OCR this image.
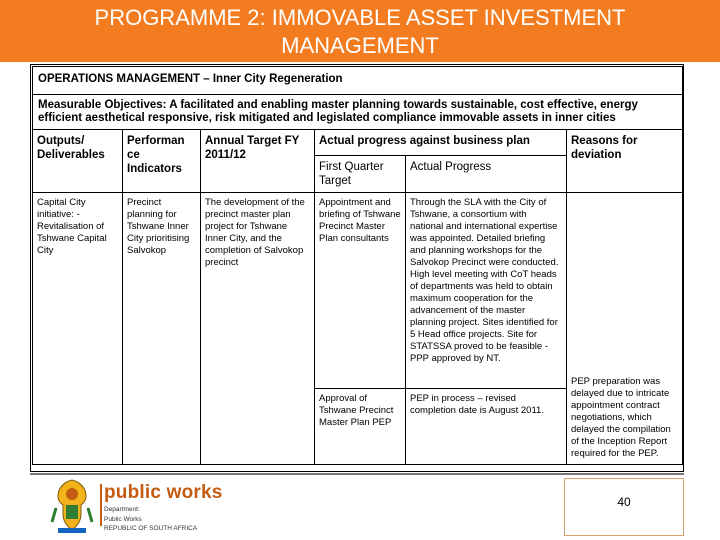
PROGRAMME 2: IMMOVABLE ASSET INVESTMENT
MANAGEMENT
OPERATIONS MANAGEMENT – Inner City Regeneration					
Measurable Objectives: A facilitated and enabling master planning towards sustainable, cost effective, energy efficient aesthetical responsive, risk mitigated and legislated compliance immovable assets in inner cities					
Outputs/ Deliverables	Performan ce Indicators	Annual Target FY 2011/12	Actual progress against business plan		Reasons for deviation
			First Quarter Target	Actual Progress	
Capital City initiative: - Revitalisation of Tshwane Capital City	Precinct planning for Tshwane Inner City prioritising Salvokop	The development of the precinct master plan project for Tshwane Inner City, and the completion of Salvokop precinct	Appointment and briefing of Tshwane Precinct Master Plan consultants	Through the SLA with the City of Tshwane, a consortium with national and international expertise was appointed. Detailed briefing and planning workshops for the Salvokop Precinct were conducted. High level meeting with CoT heads of departments was held to obtain maximum cooperation for the advancement of the master planning project. Sites identified for 5 Head office projects. Site for STATSSA proved to be feasible - PPP approved by NT.	PEP preparation was delayed due to intricate appointment contract negotiations, which delayed the compilation of the Inception Report required for the PEP.
			Approval of Tshwane Precinct Master Plan PEP	PEP in process – revised completion date is August 2011.	
public works
Department:
Public Works
REPUBLIC OF SOUTH AFRICA
40
